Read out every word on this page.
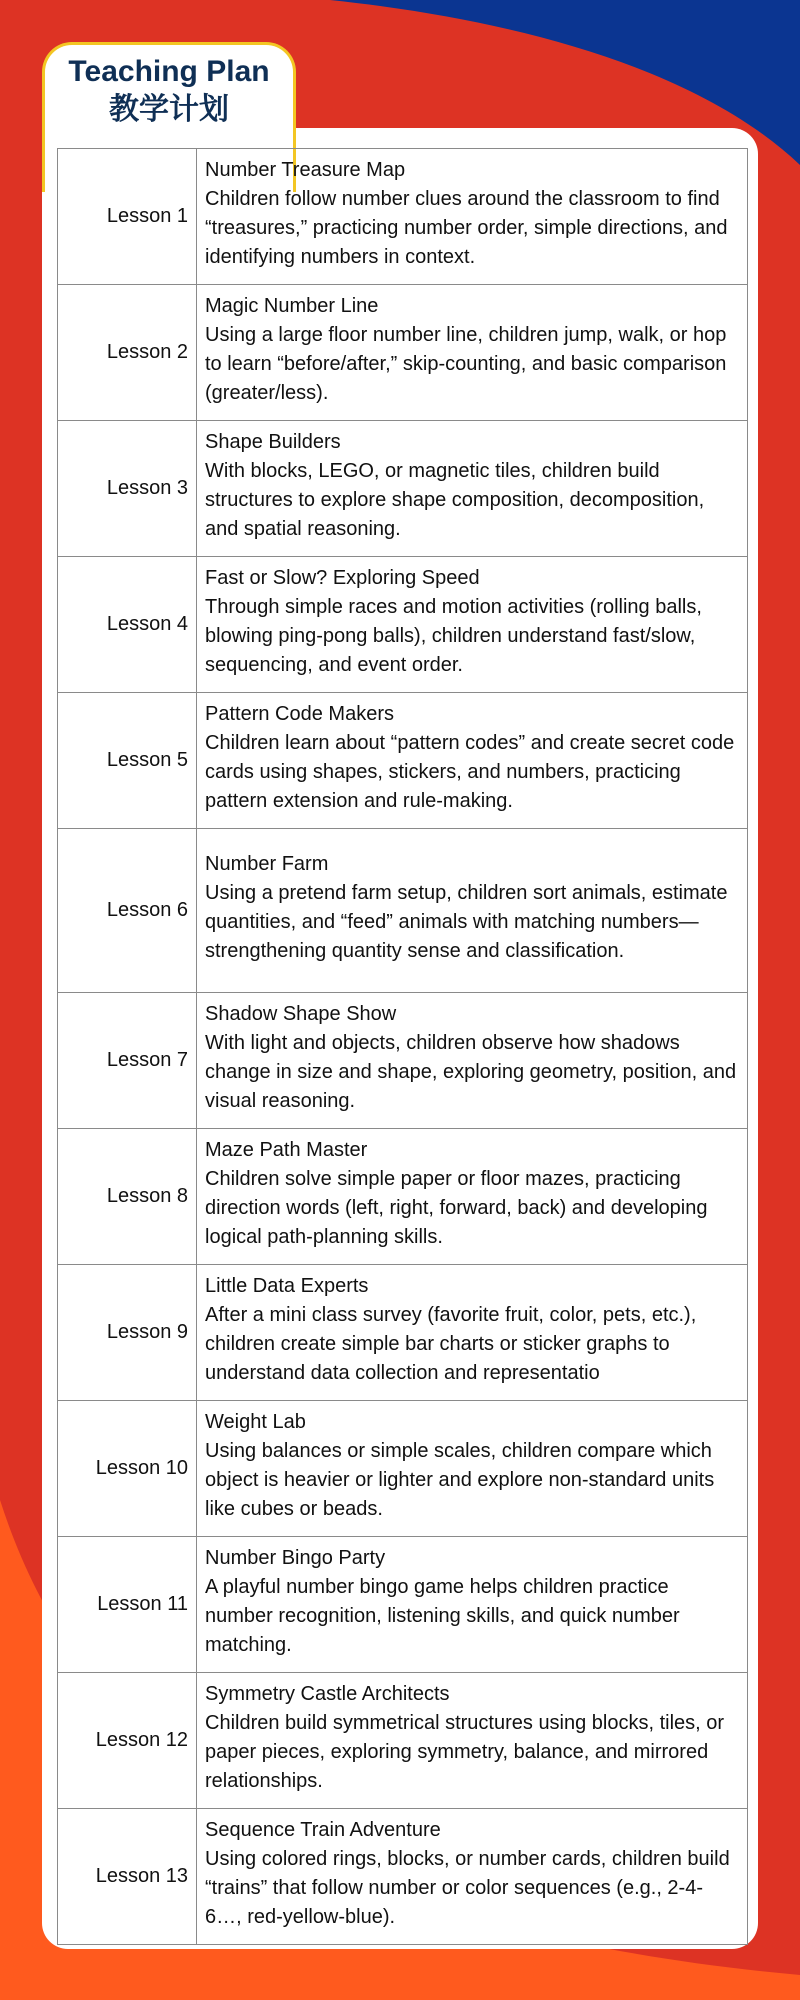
Teaching Plan

教学计划

Lesson 1	Number Treasure Map
Children follow number clues around the classroom to find “treasures,” practicing number order, simple directions, and identifying numbers in context.

Lesson 2	Magic Number Line
Using a large floor number line, children jump, walk, or hop to learn “before/after,” skip-counting, and basic comparison (greater/less).

Lesson 3	Shape Builders
With blocks, LEGO, or magnetic tiles, children build structures to explore shape composition, decomposition, and spatial reasoning.

Lesson 4	Fast or Slow? Exploring Speed
Through simple races and motion activities (rolling balls, blowing ping-pong balls), children understand fast/slow, sequencing, and event order.

Lesson 5	Pattern Code Makers
Children learn about “pattern codes” and create secret code cards using shapes, stickers, and numbers, practicing pattern extension and rule-making.

Lesson 6	Number Farm
Using a pretend farm setup, children sort animals, estimate quantities, and “feed” animals with matching numbers—strengthening quantity sense and classification.

Lesson 7	Shadow Shape Show
With light and objects, children observe how shadows change in size and shape, exploring geometry, position, and visual reasoning.

Lesson 8	Maze Path Master
Children solve simple paper or floor mazes, practicing direction words (left, right, forward, back) and developing logical path-planning skills.

Lesson 9	Little Data Experts
After a mini class survey (favorite fruit, color, pets, etc.), children create simple bar charts or sticker graphs to understand data collection and representatio

Lesson 10	Weight Lab
Using balances or simple scales, children compare which object is heavier or lighter and explore non-standard units like cubes or beads.

Lesson 11	Number Bingo Party
A playful number bingo game helps children practice number recognition, listening skills, and quick number matching.

Lesson 12	Symmetry Castle Architects
Children build symmetrical structures using blocks, tiles, or paper pieces, exploring symmetry, balance, and mirrored relationships.

Lesson 13	Sequence Train Adventure
Using colored rings, blocks, or number cards, children build “trains” that follow number or color sequences (e.g., 2-4-6…, red-yellow-blue).
